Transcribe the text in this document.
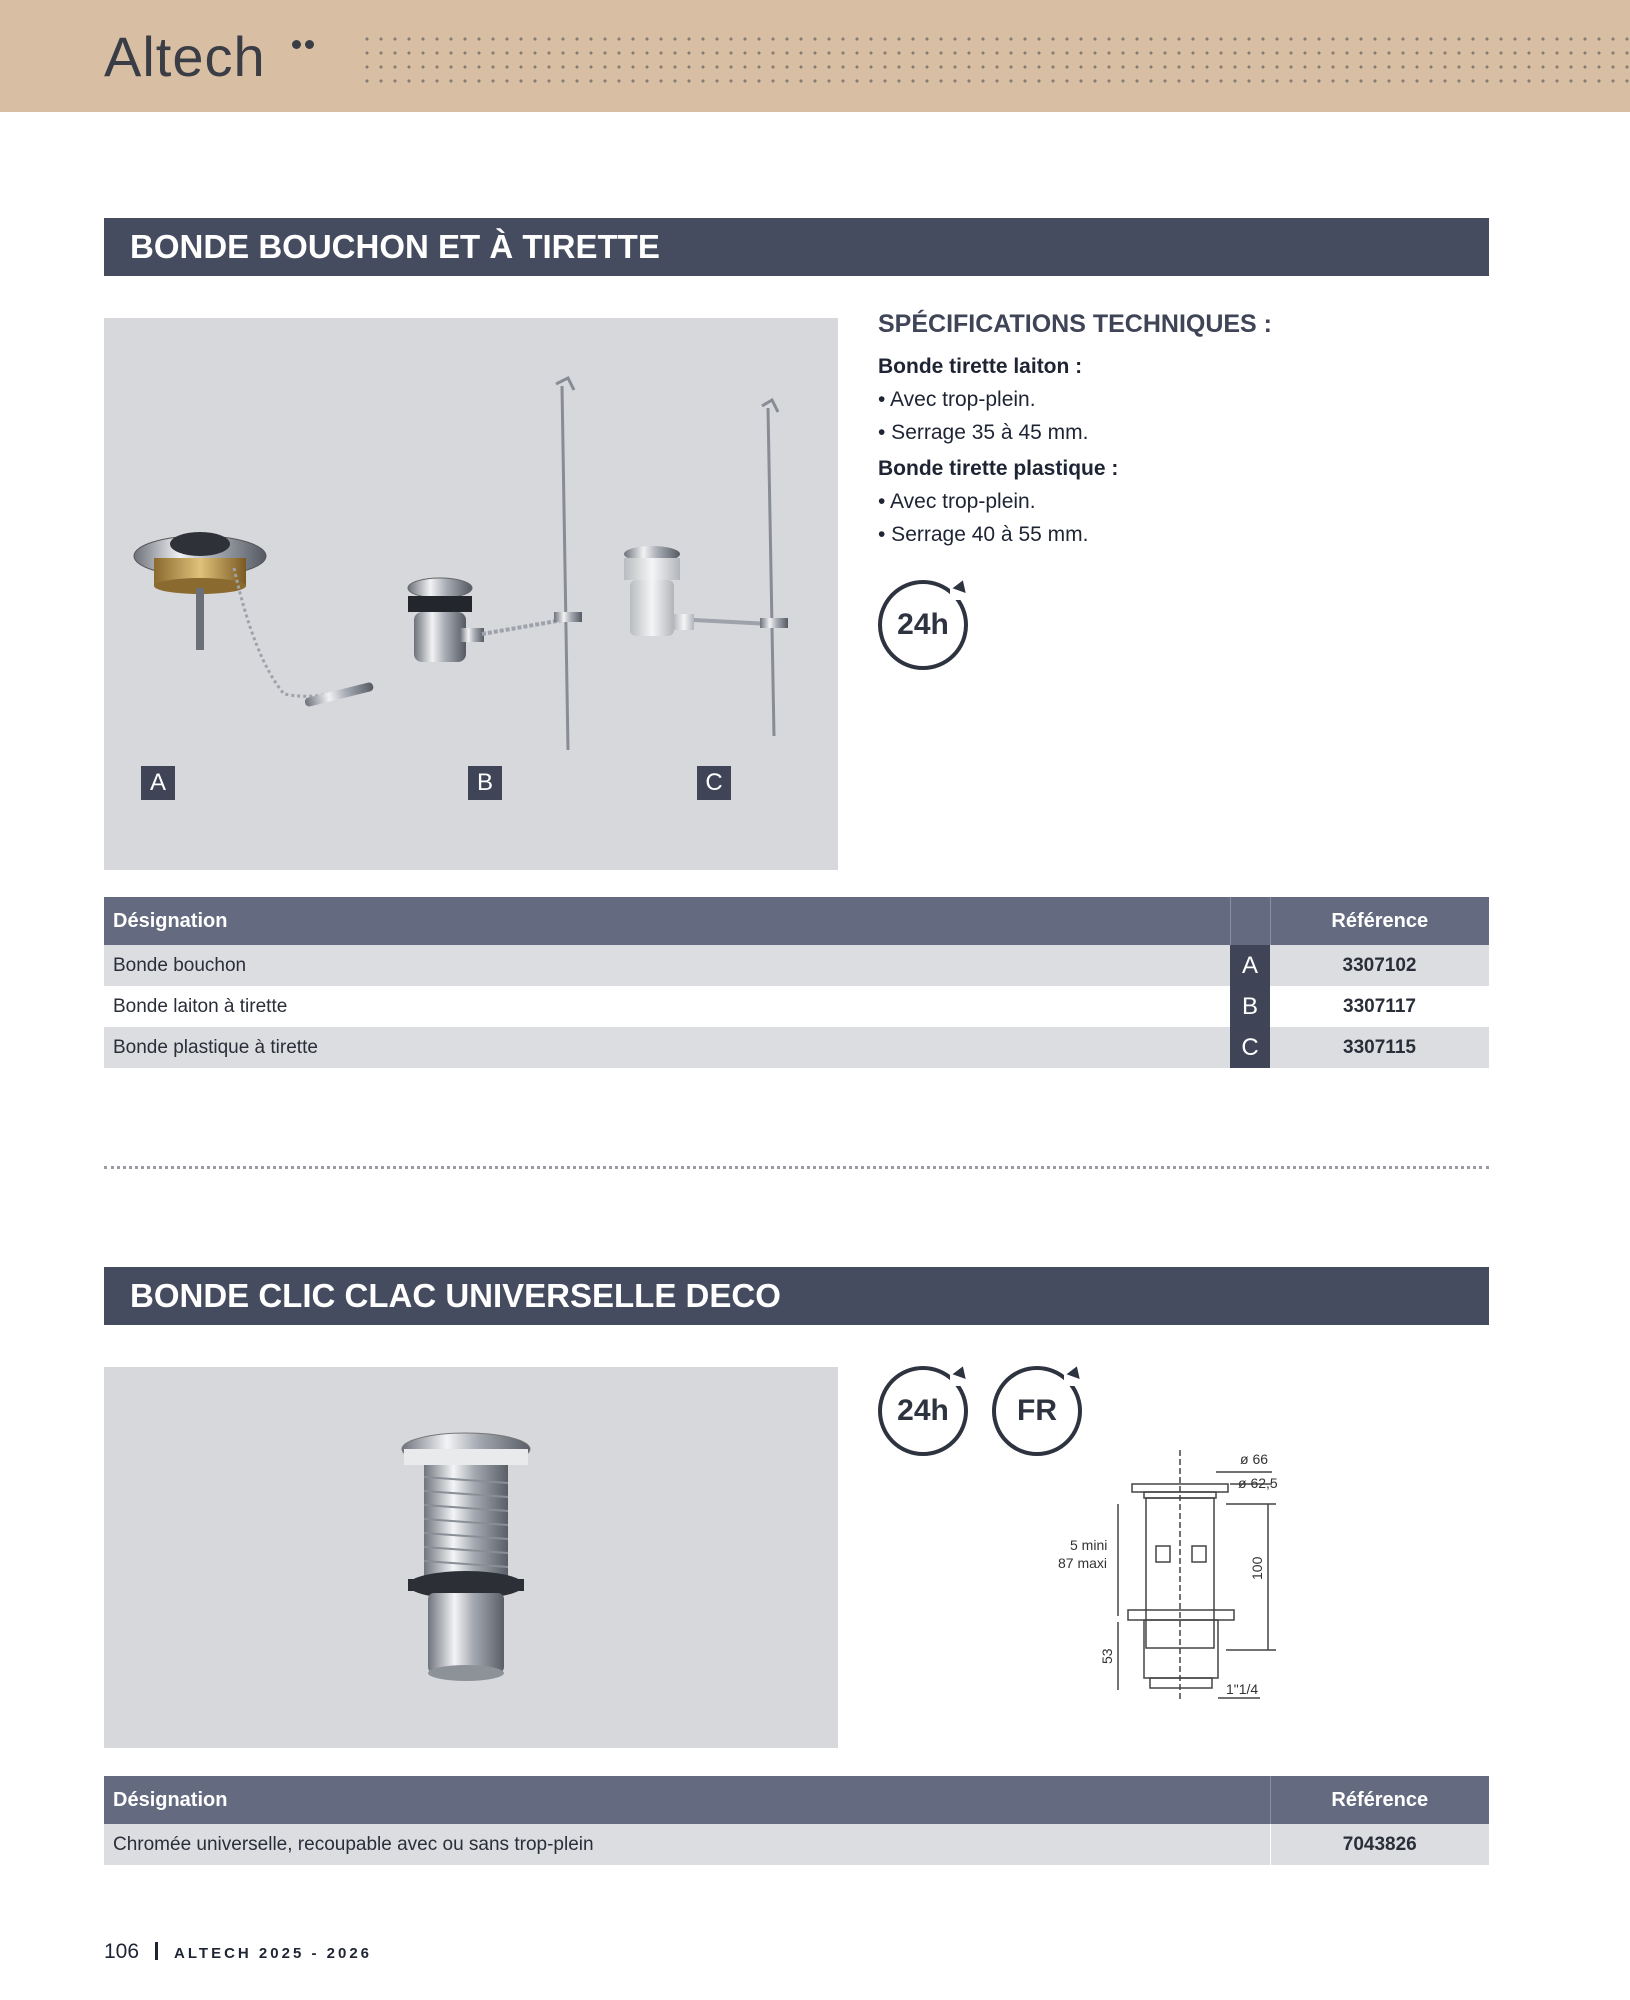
Altech
BONDE BOUCHON ET À TIRETTE
A	B	C
SPÉCIFICATIONS TECHNIQUES :
Bonde tirette laiton :
• Avec trop-plein.
• Serrage 35 à 45 mm.
Bonde tirette plastique :
• Avec trop-plein.
• Serrage 40 à 55 mm.
24h
Désignation		Référence
Bonde bouchon	A	3307102
Bonde laiton à tirette	B	3307117
Bonde plastique à tirette	C	3307115
BONDE CLIC CLAC UNIVERSELLE DECO
24h	FR
ø 66
ø 62,5
5 mini
87 maxi	100
53
1"1/4
Désignation	Référence
Chromée universelle, recoupable avec ou sans trop-plein	7043826
106 ALTECH 2025 - 2026
